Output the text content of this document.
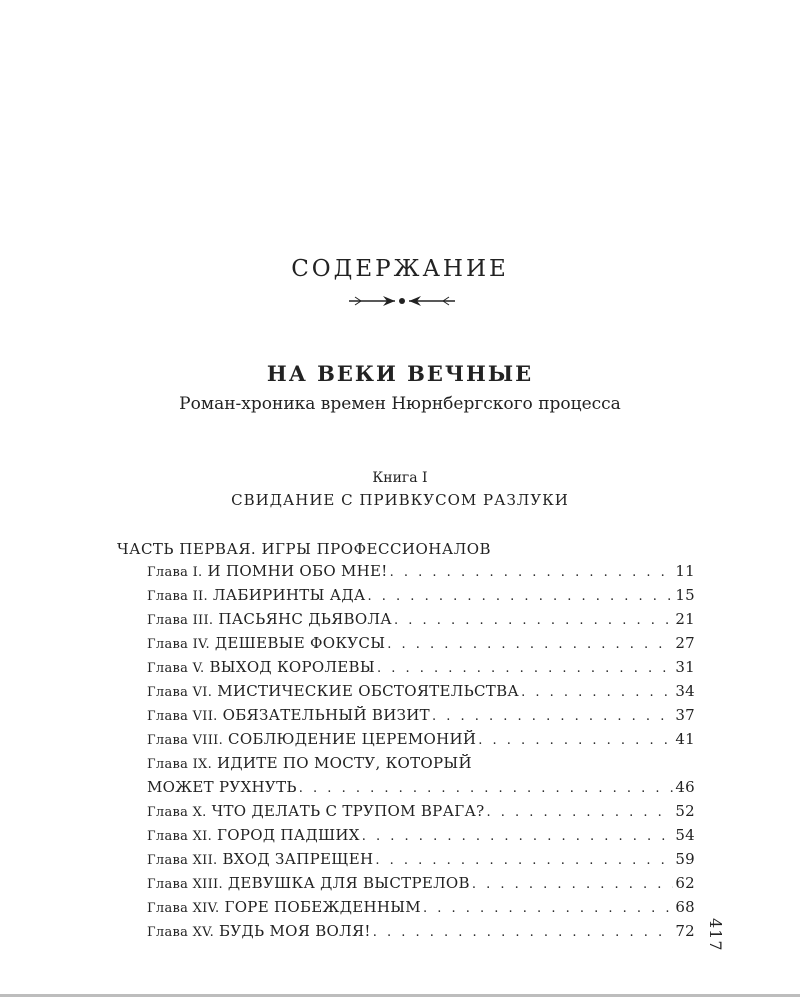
СОДЕРЖАНИЕ
НА ВЕКИ ВЕЧНЫЕ
Роман-хроника времен Нюрнбергского процесса
Книга I
СВИДАНИЕ С ПРИВКУСОМ РАЗЛУКИ
ЧАСТЬ ПЕРВАЯ. ИГРЫ ПРОФЕССИОНАЛОВ
Глава I. И ПОМНИ ОБО МНЕ! . . .	11
Глава II. ЛАБИРИНТЫ АДА . . .	15
Глава III. ПАСЬЯНС ДЬЯВОЛА . . .	21
Глава IV. ДЕШЕВЫЕ ФОКУСЫ . . .	27
Глава V. ВЫХОД КОРОЛЕВЫ . . .	31
Глава VI. МИСТИЧЕСКИЕ ОБСТОЯТЕЛЬСТВА . . .	34
Глава VII. ОБЯЗАТЕЛЬНЫЙ ВИЗИТ . . .	37
Глава VIII. СОБЛЮДЕНИЕ ЦЕРЕМОНИЙ . . .	41
Глава IX. ИДИТЕ ПО МОСТУ, КОТОРЫЙ
МОЖЕТ РУХНУТЬ . . .	46
Глава X. ЧТО ДЕЛАТЬ С ТРУПОМ ВРАГА? . . .	52
Глава XI. ГОРОД ПАДШИХ . . .	54
Глава XII. ВХОД ЗАПРЕЩЕН . . .	59
Глава XIII. ДЕВУШКА ДЛЯ ВЫСТРЕЛОВ . . .	62
Глава XIV. ГОРЕ ПОБЕЖДЕННЫМ . . .	68
Глава XV. БУДЬ МОЯ ВОЛЯ! . . .	72 417
